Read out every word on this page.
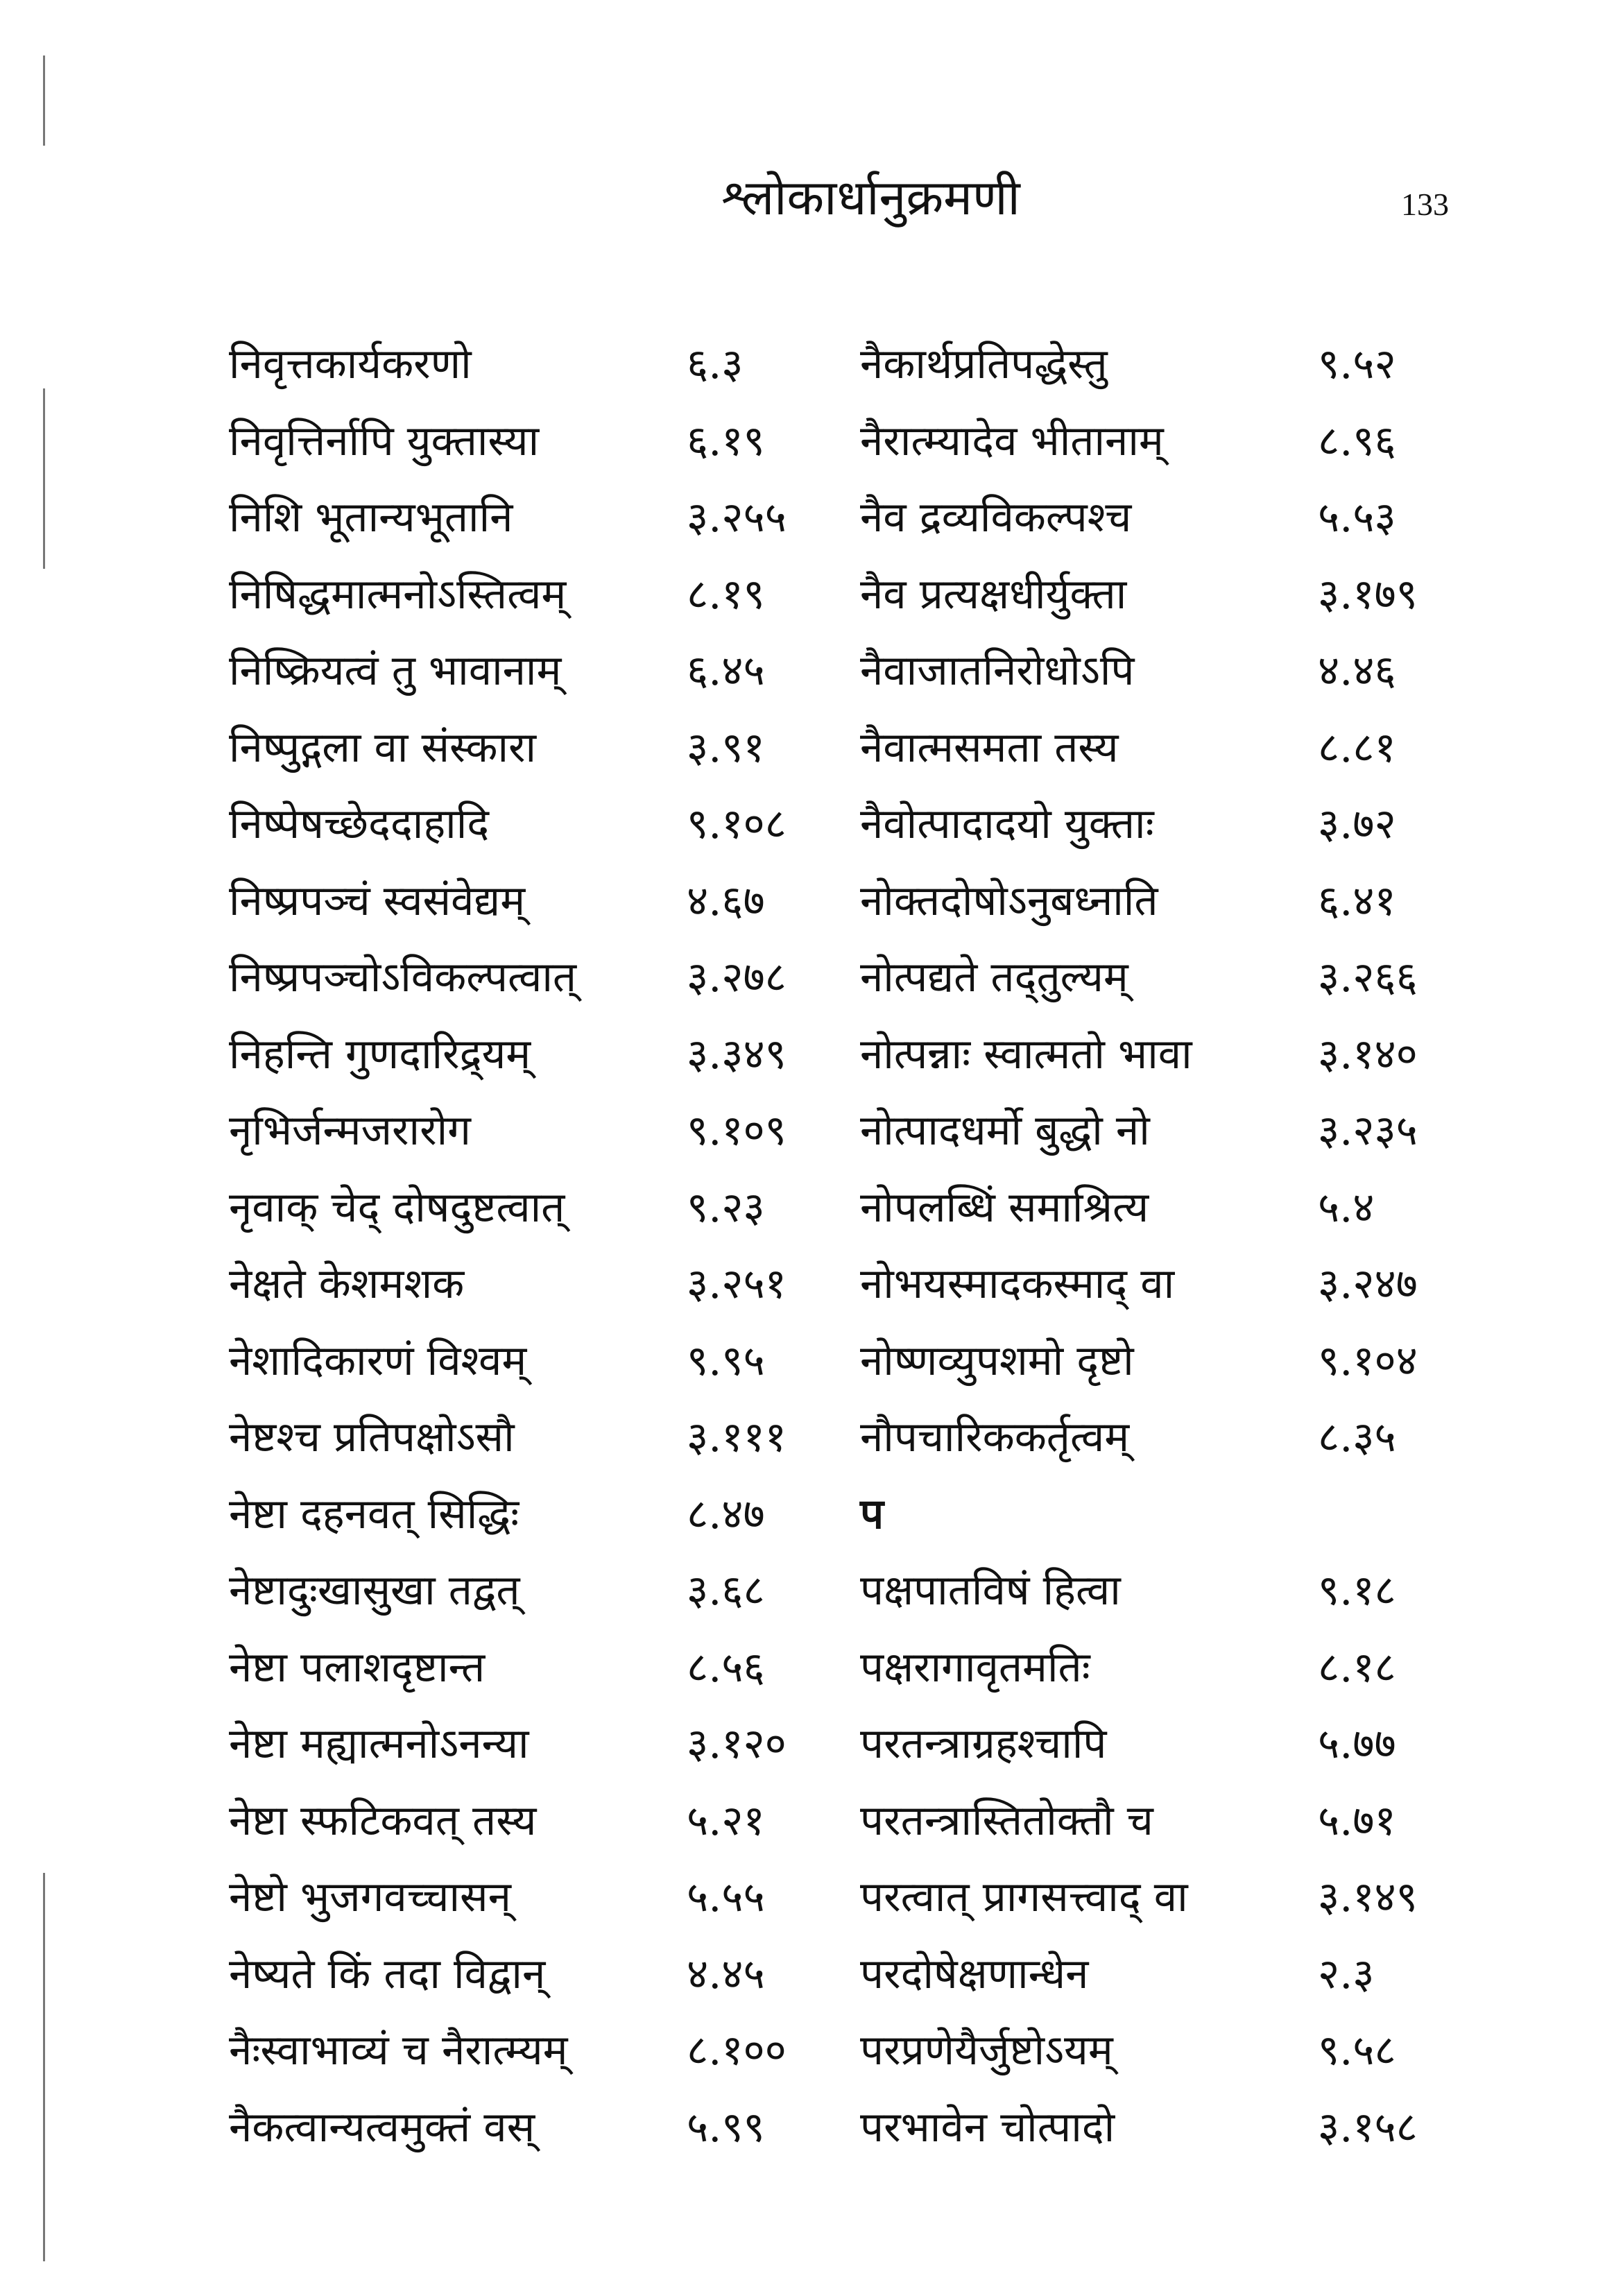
श्लोकार्धानुक्रमणी	133
निवृत्तकार्यकरणो	६.३	नैकार्थप्रतिपद्धेस्तु	९.५२
निवृत्तिर्नापि युक्तास्या	६.१९ नैरात्म्यादेव भीतानाम्	८.९६
निशि भूतान्यभूतानि	३.२५५ नैव द्रव्यविकल्पश्च	५.५३
निषिद्धमात्मनोऽस्तित्वम्	८.१९ नैव प्रत्यक्षधीर्युक्ता	३.१७९
निष्क्रियत्वं तु भावानाम्	६.४५ नैवाजातनिरोधोऽपि	४.४६
निष्पुद्गला वा संस्कारा	३.९१ नैवात्मसमता तस्य	८.८१
निष्पेषच्छेददाहादि	९.१०८ नैवोत्पादादयो युक्ताः	३.७२
निष्प्रपञ्चं स्वसंवेद्यम्	४.६७ नोक्तदोषोऽनुबध्नाति	६.४१
निष्प्रपञ्चोऽविकल्पत्वात्	३.२७८ नोत्पद्यते तद्तुल्यम्	३.२६६
निहन्ति गुणदारिद्र्यम्	३.३४९ नोत्पन्नाः स्वात्मतो भावा	३.१४०
नृभिर्जन्मजरारोग	९.१०९ नोत्पादधर्मो बुद्धो नो	३.२३५
नृवाक् चेद् दोषदुष्टत्वात्	९.२३ नोपलब्धिं समाश्रित्य	५.४
नेक्षते केशमशक	३.२५१ नोभयस्मादकस्माद् वा	३.२४७
नेशादिकारणं विश्वम्	९.९५ नोष्णव्युपशमो दृष्टो	९.१०४
नेष्टश्च प्रतिपक्षोऽसौ	३.१११ नौपचारिककर्तृत्वम्	८.३५
नेष्टा दहनवत् सिद्धिः	८.४७ प
नेष्टादुःखासुखा तद्वत्	३.६८ पक्षपातविषं हित्वा	९.१८
नेष्टा पलाशदृष्टान्त	८.५६ पक्षरागावृतमतिः	८.१८
नेष्टा मह्यात्मनोऽनन्या	३.१२० परतन्त्राग्रहश्चापि	५.७७
नेष्टा स्फटिकवत् तस्य	५.२१ परतन्त्रास्तितोक्तौ च	५.७१
नेष्टो भुजगवच्चासन्	५.५५ परत्वात् प्रागसत्त्वाद् वा	३.१४९
नेष्यते किं तदा विद्वान्	४.४५ परदोषेक्षणान्धेन	२.३
नैःस्वाभाव्यं च नैरात्म्यम्	८.१०० परप्रणेयैर्जुष्टोऽयम्	९.५८
नैकत्वान्यत्वमुक्तं वस्	५.९९ परभावेन चोत्पादो	३.१५८
